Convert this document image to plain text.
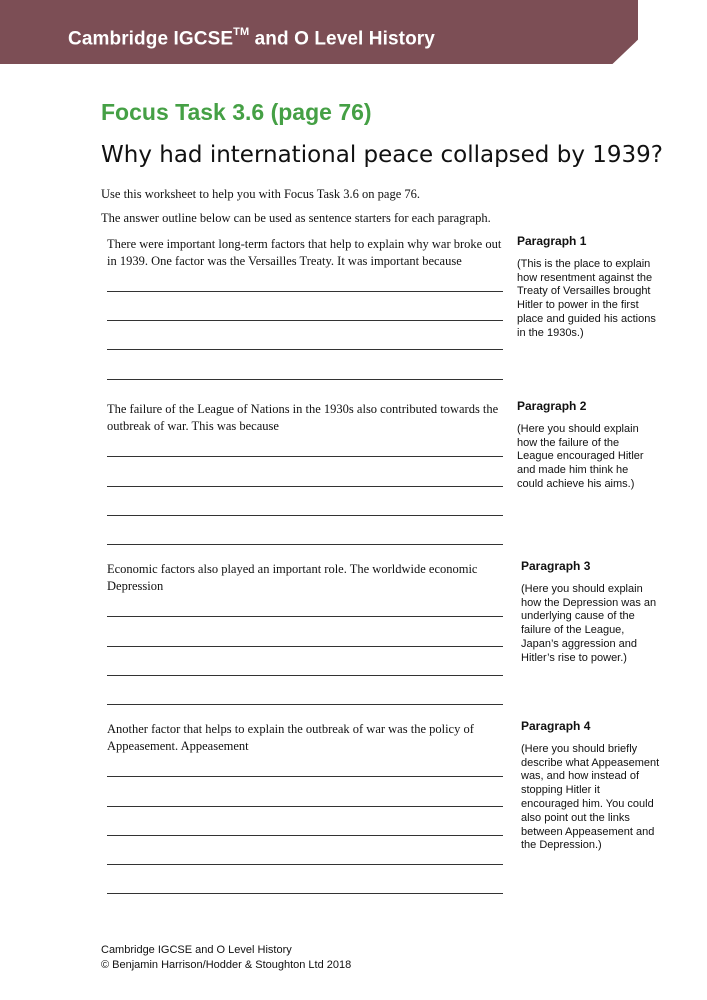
Cambridge IGCSE™ and O Level History
Focus Task 3.6 (page 76)
Why had international peace collapsed by 1939?
Use this worksheet to help you with Focus Task 3.6 on page 76.
The answer outline below can be used as sentence starters for each paragraph.
There were important long-term factors that help to explain why war broke out in 1939. One factor was the Versailles Treaty. It was important because
Paragraph 1
(This is the place to explain how resentment against the Treaty of Versailles brought Hitler to power in the first place and guided his actions in the 1930s.)
The failure of the League of Nations in the 1930s also contributed towards the outbreak of war. This was because
Paragraph 2
(Here you should explain how the failure of the League encouraged Hitler and made him think he could achieve his aims.)
Economic factors also played an important role. The worldwide economic Depression
Paragraph 3
(Here you should explain how the Depression was an underlying cause of the failure of the League, Japan’s aggression and Hitler’s rise to power.)
Another factor that helps to explain the outbreak of war was the policy of Appeasement. Appeasement
Paragraph 4
(Here you should briefly describe what Appeasement was, and how instead of stopping Hitler it encouraged him. You could also point out the links between Appeasement and the Depression.)
Cambridge IGCSE and O Level History
© Benjamin Harrison/Hodder & Stoughton Ltd 2018
